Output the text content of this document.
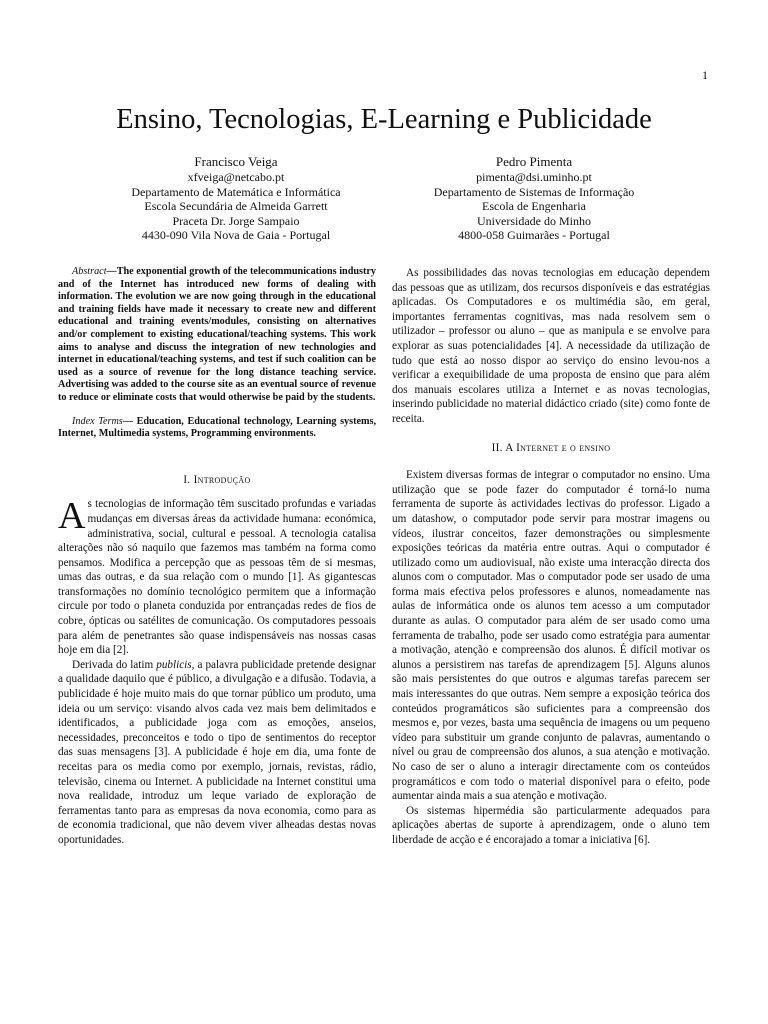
1
Ensino, Tecnologias, E-Learning e Publicidade
Francisco Veiga
xfveiga@netcabo.pt
Departamento de Matemática e Informática
Escola Secundária de Almeida Garrett
Praceta Dr. Jorge Sampaio
4430-090 Vila Nova de Gaia - Portugal
Pedro Pimenta
pimenta@dsi.uminho.pt
Departamento de Sistemas de Informação
Escola de Engenharia
Universidade do Minho
4800-058 Guimarães - Portugal

Abstract—The exponential growth of the telecommunications industry and of the Internet has introduced new forms of dealing with information. The evolution we are now going through in the educational and training fields have made it necessary to create new and different educational and training events/modules, consisting on alternatives and/or complement to existing educational/teaching systems. This work aims to analyse and discuss the integration of new technologies and internet in educational/teaching systems, and test if such coalition can be used as a source of revenue for the long distance teaching service. Advertising was added to the course site as an eventual source of revenue to reduce or eliminate costs that would otherwise be paid by the students.

Index Terms— Education, Educational technology, Learning systems, Internet, Multimedia systems, Programming environments.

I. Introdução

As tecnologias de informação têm suscitado profundas e variadas mudanças em diversas áreas da actividade humana: económica, administrativa, social, cultural e pessoal. A tecnologia catalisa alterações não só naquilo que fazemos mas também na forma como pensamos. Modifica a percepção que as pessoas têm de si mesmas, umas das outras, e da sua relação com o mundo [1]. As gigantescas transformações no domínio tecnológico permitem que a informação circule por todo o planeta conduzida por entrançadas redes de fios de cobre, ópticas ou satélites de comunicação. Os computadores pessoais para além de penetrantes são quase indispensáveis nas nossas casas hoje em dia [2].

Derivada do latim publicis, a palavra publicidade pretende designar a qualidade daquilo que é público, a divulgação e a difusão. Todavia, a publicidade é hoje muito mais do que tornar público um produto, uma ideia ou um serviço: visando alvos cada vez mais bem delimitados e identificados, a publicidade joga com as emoções, anseios, necessidades, preconceitos e todo o tipo de sentimentos do receptor das suas mensagens [3]. A publicidade é hoje em dia, uma fonte de receitas para os media como por exemplo, jornais, revistas, rádio, televisão, cinema ou Internet. A publicidade na Internet constitui uma nova realidade, introduz um leque variado de exploração de ferramentas tanto para as empresas da nova economia, como para as de economia tradicional, que não devem viver alheadas destas novas oportunidades.

As possibilidades das novas tecnologias em educação dependem das pessoas que as utilizam, dos recursos disponíveis e das estratégias aplicadas. Os Computadores e os multimédia são, em geral, importantes ferramentas cognitivas, mas nada resolvem sem o utilizador – professor ou aluno – que as manipula e se envolve para explorar as suas potencialidades [4]. A necessidade da utilização de tudo que está ao nosso dispor ao serviço do ensino levou-nos a verificar a exequibilidade de uma proposta de ensino que para além dos manuais escolares utiliza a Internet e as novas tecnologias, inserindo publicidade no material didáctico criado (site) como fonte de receita.

II. A Internet e o ensino

Existem diversas formas de integrar o computador no ensino. Uma utilização que se pode fazer do computador é torná-lo numa ferramenta de suporte às actividades lectivas do professor. Ligado a um datashow, o computador pode servir para mostrar imagens ou vídeos, ilustrar conceitos, fazer demonstrações ou simplesmente exposições teóricas da matéria entre outras. Aqui o computador é utilizado como um audiovisual, não existe uma interacção directa dos alunos com o computador. Mas o computador pode ser usado de uma forma mais efectiva pelos professores e alunos, nomeadamente nas aulas de informática onde os alunos tem acesso a um computador durante as aulas. O computador para além de ser usado como uma ferramenta de trabalho, pode ser usado como estratégia para aumentar a motivação, atenção e compreensão dos alunos. É difícil motivar os alunos a persistirem nas tarefas de aprendizagem [5]. Alguns alunos são mais persistentes do que outros e algumas tarefas parecem ser mais interessantes do que outras. Nem sempre a exposição teórica dos conteúdos programáticos são suficientes para a compreensão dos mesmos e, por vezes, basta uma sequência de imagens ou um pequeno vídeo para substituir um grande conjunto de palavras, aumentando o nível ou grau de compreensão dos alunos, a sua atenção e motivação. No caso de ser o aluno a interagir directamente com os conteúdos programáticos e com todo o material disponível para o efeito, pode aumentar ainda mais a sua atenção e motivação.

Os sistemas hipermédia são particularmente adequados para aplicações abertas de suporte à aprendizagem, onde o aluno tem liberdade de acção e é encorajado a tomar a iniciativa [6].
